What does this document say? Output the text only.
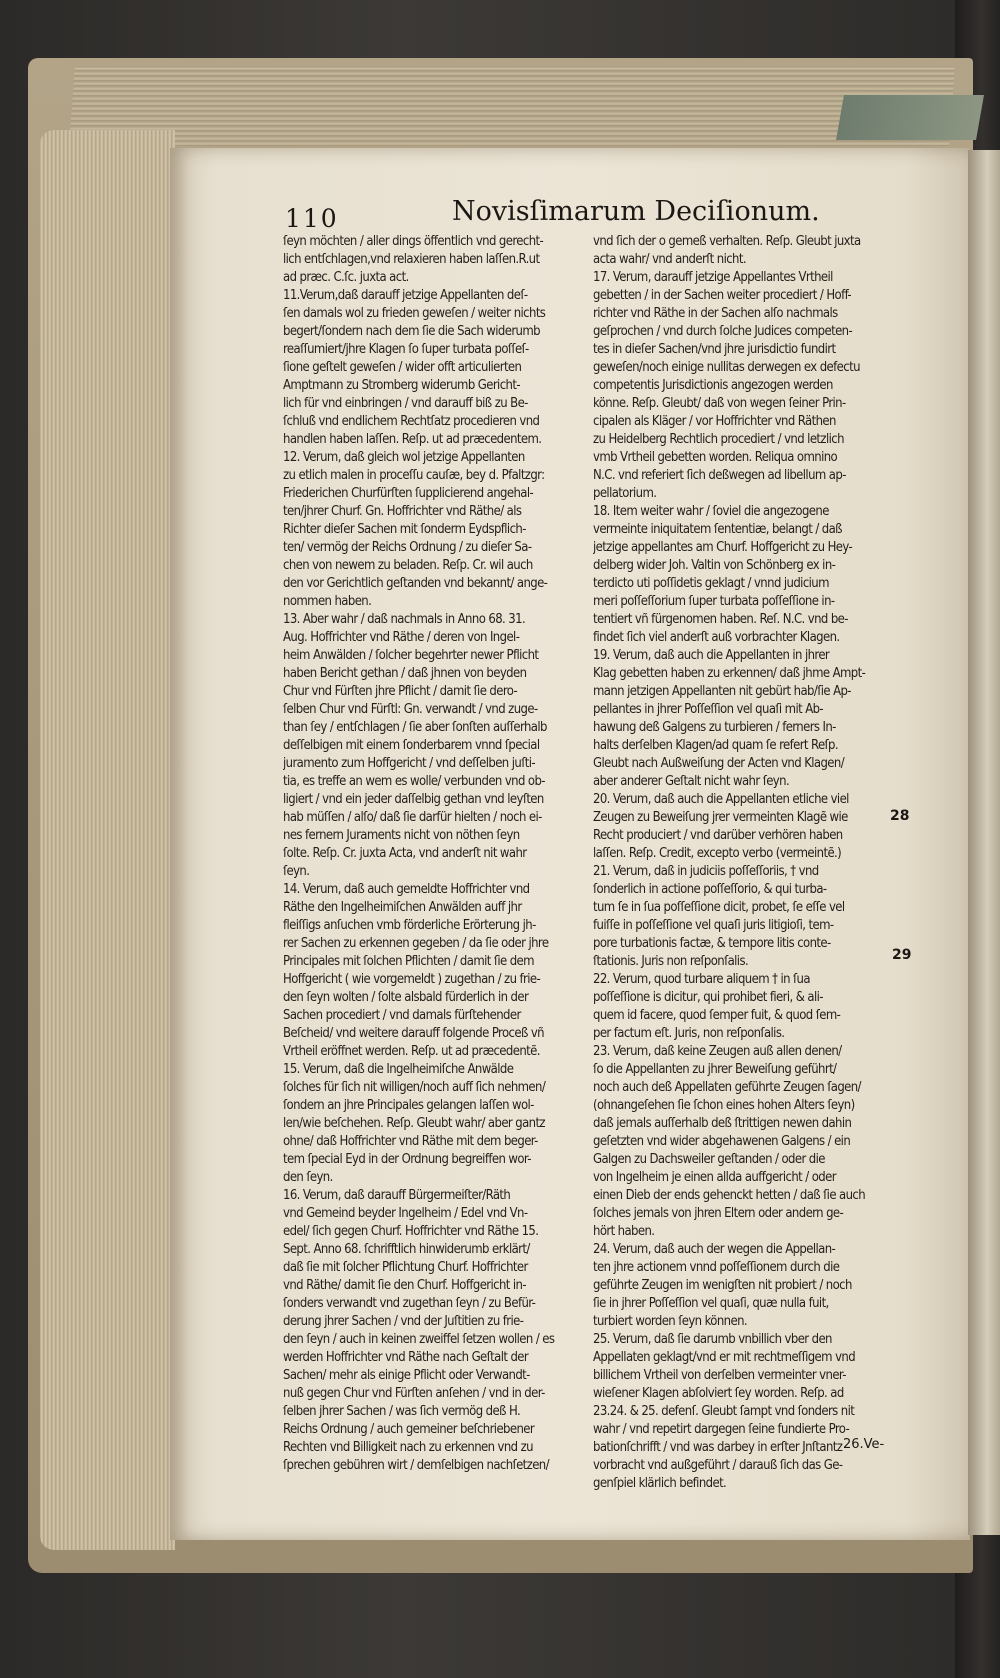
110	Novisſimarum Deciſionum.
ſeyn möchten / aller dings öffentlich vnd gerecht-
lich entſchlagen,vnd relaxieren haben laſſen.R.ut
ad præc. C.ſc. juxta act.
11.Verum,daß darauff jetzige Appellanten deſ-
ſen damals wol zu frieden geweſen / weiter nichts
begert/ſondern nach dem ſie die Sach widerumb
reaſſumiert/jhre Klagen ſo ſuper turbata poſſeſ-
ſione geſtelt geweſen / wider offt articulierten
Amptmann zu Stromberg widerumb Gericht-
lich für vnd einbringen / vnd darauff biß zu Be-
ſchluß vnd endlichem Rechtſatz procedieren vnd
handlen haben laſſen. Reſp. ut ad præcedentem.
12. Verum, daß gleich wol jetzige Appellanten
zu etlich malen in proceſſu cauſæ, bey d. Pfaltzgr:
Friederichen Churfürſten ſupplicierend angehal-
ten/jhrer Churf. Gn. Hoffrichter vnd Räthe/ als
Richter dieſer Sachen mit ſonderm Eydspflich-
ten/ vermög der Reichs Ordnung / zu dieſer Sa-
chen von newem zu beladen. Reſp. Cr. wil auch
den vor Gerichtlich geſtanden vnd bekannt/ ange-
nommen haben.
13. Aber wahr / daß nachmals in Anno 68. 31.
Aug. Hoffrichter vnd Räthe / deren von Ingel-
heim Anwälden / ſolcher begehrter newer Pflicht
haben Bericht gethan / daß jhnen von beyden
Chur vnd Fürſten jhre Pflicht / damit ſie dero-
ſelben Chur vnd Fürſtl: Gn. verwandt / vnd zuge-
than ſey / entſchlagen / ſie aber ſonſten auſſerhalb
deſſelbigen mit einem ſonderbarem vnnd ſpecial
juramento zum Hoffgericht / vnd deſſelben juſti-
tia, es treffe an wem es wolle/ verbunden vnd ob-
ligiert / vnd ein jeder daſſelbig gethan vnd leyſten
hab müſſen / alſo/ daß ſie darfür hielten / noch ei-
nes fernern Juraments nicht von nöthen ſeyn
ſolte. Reſp. Cr. juxta Acta, vnd anderſt nit wahr
ſeyn.
14. Verum, daß auch gemeldte Hoffrichter vnd
Räthe den Ingelheimiſchen Anwälden auff jhr
fleiſſigs anſuchen vmb förderliche Erörterung jh-
rer Sachen zu erkennen gegeben / da ſie oder jhre
Principales mit ſolchen Pflichten / damit ſie dem
Hoffgericht ( wie vorgemeldt ) zugethan / zu frie-
den ſeyn wolten / ſolte alsbald fürderlich in der
Sachen procediert / vnd damals fürſtehender
Beſcheid/ vnd weitere darauff folgende Proceß vñ
Vrtheil eröffnet werden. Reſp. ut ad præcedentẽ.
15. Verum, daß die Ingelheimiſche Anwälde
ſolches für ſich nit willigen/noch auff ſich nehmen/
ſondern an jhre Principales gelangen laſſen wol-
len/wie beſchehen. Reſp. Gleubt wahr/ aber gantz
ohne/ daß Hoffrichter vnd Räthe mit dem beger-
tem ſpecial Eyd in der Ordnung begreiffen wor-
den ſeyn.
16. Verum, daß darauff Bürgermeiſter/Räth
vnd Gemeind beyder Ingelheim / Edel vnd Vn-
edel/ ſich gegen Churf. Hoffrichter vnd Räthe 15.
Sept. Anno 68. ſchrifftlich hinwiderumb erklärt/
daß ſie mit ſolcher Pflichtung Churf. Hoffrichter
vnd Räthe/ damit ſie den Churf. Hoffgericht in-
ſonders verwandt vnd zugethan ſeyn / zu Befür-
derung jhrer Sachen / vnd der Juſtitien zu frie-
den ſeyn / auch in keinen zweiffel ſetzen wollen / es
werden Hoffrichter vnd Räthe nach Geſtalt der
Sachen/ mehr als einige Pflicht oder Verwandt-
nuß gegen Chur vnd Fürſten anſehen / vnd in der-
ſelben jhrer Sachen / was ſich vermög deß H.
Reichs Ordnung / auch gemeiner beſchriebener
Rechten vnd Billigkeit nach zu erkennen vnd zu
ſprechen gebühren wirt / demſelbigen nachſetzen/
vnd ſich der o gemeß verhalten. Reſp. Gleubt juxta
acta wahr/ vnd anderſt nicht.
17. Verum, darauff jetzige Appellantes Vrtheil
gebetten / in der Sachen weiter procediert / Hoff-
richter vnd Räthe in der Sachen alſo nachmals
geſprochen / vnd durch ſolche Judices competen-
tes in dieſer Sachen/vnd jhre jurisdictio fundirt
geweſen/noch einige nullitas derwegen ex defectu
competentis Jurisdictionis angezogen werden
könne. Reſp. Gleubt/ daß von wegen ſeiner Prin-
cipalen als Kläger / vor Hoffrichter vnd Räthen
zu Heidelberg Rechtlich procediert / vnd letzlich
vmb Vrtheil gebetten worden. Reliqua omnino
N.C. vnd referiert ſich deßwegen ad libellum ap-
pellatorium.
18. Item weiter wahr / ſoviel die angezogene
vermeinte iniquitatem ſententiæ, belangt / daß
jetzige appellantes am Churf. Hoffgericht zu Hey-
delberg wider Joh. Valtin von Schönberg ex in-
terdicto uti poſſidetis geklagt / vnnd judicium
meri poſſeſſorium ſuper turbata poſſeſſione in-
tentiert vñ fürgenomen haben. Reſ. N.C. vnd be-
findet ſich viel anderſt auß vorbrachter Klagen.
19. Verum, daß auch die Appellanten in jhrer
Klag gebetten haben zu erkennen/ daß jhme Ampt-
mann jetzigen Appellanten nit gebürt hab/ſie Ap-
pellantes in jhrer Poſſeſſion vel quaſi mit Ab-
hawung deß Galgens zu turbieren / ferners In-
halts derſelben Klagen/ad quam ſe refert Reſp.
Gleubt nach Außweiſung der Acten vnd Klagen/
aber anderer Geſtalt nicht wahr ſeyn.
20. Verum, daß auch die Appellanten etliche viel
Zeugen zu Beweiſung jrer vermeinten Klagẽ wie
Recht produciert / vnd darüber verhören haben
laſſen. Reſp. Credit, excepto verbo (vermeintẽ.)
21. Verum, daß in judiciis poſſeſſoriis, † vnd
ſonderlich in actione poſſeſſorio, & qui turba-
tum ſe in ſua poſſeſſione dicit, probet, ſe eſſe vel
fuiſſe in poſſeſſione vel quaſi juris litigioſi, tem-
pore turbationis factæ, & tempore litis conte-
ſtationis. Juris non reſponſalis.
22. Verum, quod turbare aliquem † in ſua
poſſeſſione is dicitur, qui prohibet fieri, & ali-
quem id facere, quod ſemper fuit, & quod ſem-
per factum eſt. Juris, non reſponſalis.
23. Verum, daß keine Zeugen auß allen denen/
ſo die Appellanten zu jhrer Beweiſung geführt/
noch auch deß Appellaten geführte Zeugen ſagen/
(ohnangeſehen ſie ſchon eines hohen Alters ſeyn)
daß jemals auſſerhalb deß ſtrittigen newen dahin
geſetzten vnd wider abgehawenen Galgens / ein
Galgen zu Dachsweiler geſtanden / oder die
von Ingelheim je einen allda auffgericht / oder
einen Dieb der ends gehenckt hetten / daß ſie auch
ſolches jemals von jhren Eltern oder andern ge-
hört haben.
24. Verum, daß auch der wegen die Appellan-
ten jhre actionem vnnd poſſeſſionem durch die
geführte Zeugen im wenigſten nit probiert / noch
ſie in jhrer Poſſeſſion vel quaſi, quæ nulla fuit,
turbiert worden ſeyn können.
25. Verum, daß ſie darumb vnbillich vber den
Appellaten geklagt/vnd er mit rechtmeſſigem vnd
billichem Vrtheil von derſelben vermeinter vner-
wieſener Klagen abſolviert ſey worden. Reſp. ad
23.24. & 25. defenſ. Gleubt ſampt vnd ſonders nit
wahr / vnd repetirt dargegen ſeine fundierte Pro-
bationſchrifft / vnd was darbey in erſter Jnſtantz
vorbracht vnd außgeführt / darauß ſich das Ge-
genſpiel klärlich befindet.
28
29
26.Ve-
